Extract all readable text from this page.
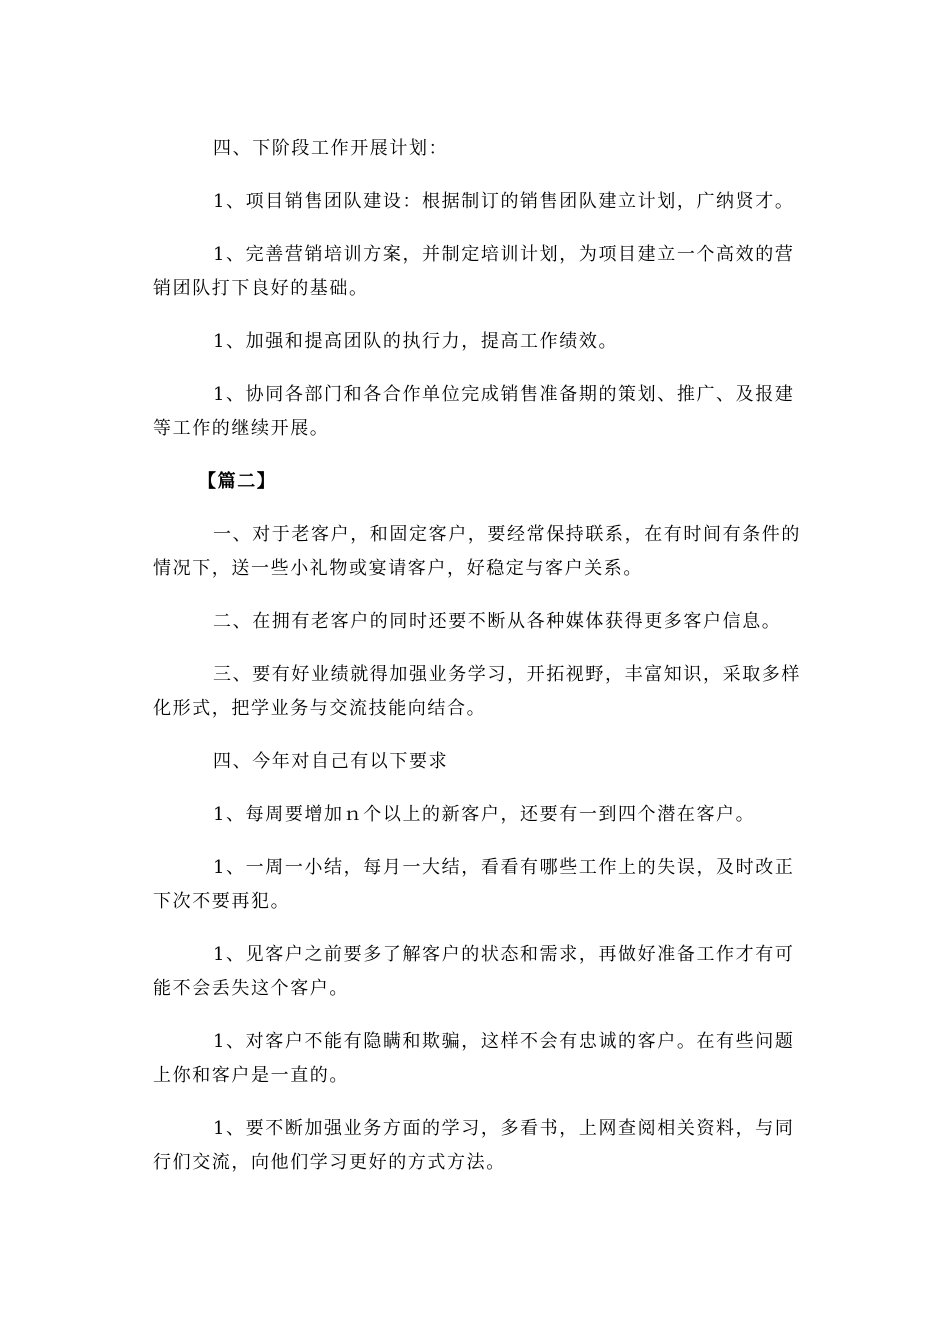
四、下阶段工作开展计划：

1、项目销售团队建设：根据制订的销售团队建立计划，广纳贤才。

1、完善营销培训方案，并制定培训计划，为项目建立一个高效的营销团队打下良好的基础。

1、加强和提高团队的执行力，提高工作绩效。

1、协同各部门和各合作单位完成销售准备期的策划、推广、及报建等工作的继续开展。

【篇二】

一、对于老客户，和固定客户，要经常保持联系，在有时间有条件的情况下，送一些小礼物或宴请客户，好稳定与客户关系。

二、在拥有老客户的同时还要不断从各种媒体获得更多客户信息。

三、要有好业绩就得加强业务学习，开拓视野，丰富知识，采取多样化形式，把学业务与交流技能向结合。

四、今年对自己有以下要求

1、每周要增加ｎ个以上的新客户，还要有一到四个潜在客户。

1、一周一小结，每月一大结，看看有哪些工作上的失误，及时改正下次不要再犯。

1、见客户之前要多了解客户的状态和需求，再做好准备工作才有可能不会丢失这个客户。

1、对客户不能有隐瞒和欺骗，这样不会有忠诚的客户。在有些问题上你和客户是一直的。

1、要不断加强业务方面的学习，多看书，上网查阅相关资料，与同行们交流，向他们学习更好的方式方法。
